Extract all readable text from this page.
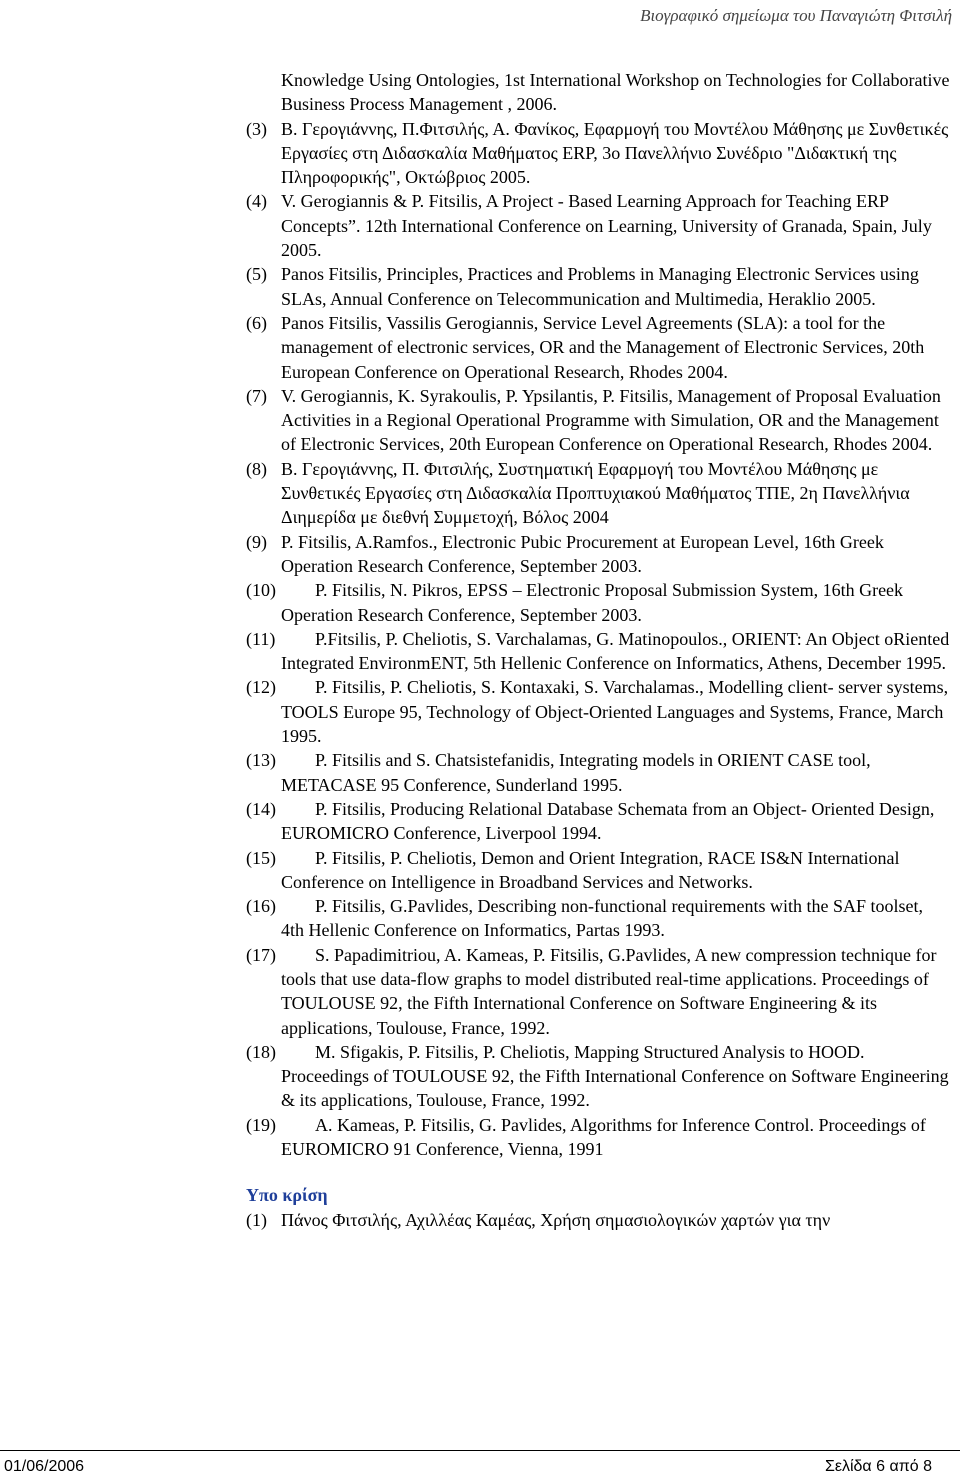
Βιογραφικό σημείωμα του Παναγιώτη Φιτσιλή
Knowledge Using Ontologies, 1st International Workshop on Technologies for Collaborative Business Process Management , 2006.
(3) Β. Γερογιάννης, Π.Φιτσιλής, Α. Φανίκος, Εφαρμογή του Μοντέλου Μάθησης με Συνθετικές Εργασίες στη Διδασκαλία Μαθήματος ERP, 3ο Πανελλήνιο Συνέδριο "Διδακτική της Πληροφορικής", Οκτώβριος 2005.
(4) V. Gerogiannis & P. Fitsilis, A Project - Based Learning Approach for Teaching ERP Concepts”. 12th International Conference on Learning, University of Granada, Spain, July 2005.
(5) Panos Fitsilis, Principles, Practices and Problems in Managing Electronic Services using SLAs, Annual Conference on Telecommunication and Multimedia, Heraklio 2005.
(6) Panos Fitsilis, Vassilis Gerogiannis, Service Level Agreements (SLA): a tool for the management of electronic services, OR and the Management of Electronic Services, 20th European Conference on Operational Research, Rhodes 2004.
(7) V. Gerogiannis, K. Syrakoulis, P. Ypsilantis, P. Fitsilis, Management of Proposal Evaluation Activities in a Regional Operational Programme with Simulation, OR and the Management of Electronic Services, 20th European Conference on Operational Research, Rhodes 2004.
(8) Β. Γερογιάννης, Π. Φιτσιλής, Συστηματική Εφαρμογή του Μοντέλου Μάθησης με Συνθετικές Εργασίες στη Διδασκαλία Προπτυχιακού Μαθήματος ΤΠΕ, 2η Πανελλήνια Διημερίδα με διεθνή Συμμετοχή, Βόλος 2004
(9) P. Fitsilis, A.Ramfos., Electronic Pubic Procurement at European Level, 16th Greek Operation Research Conference, September 2003.
(10) P. Fitsilis, N. Pikros, EPSS – Electronic Proposal Submission System, 16th Greek Operation Research Conference, September 2003.
(11) P.Fitsilis, P. Cheliotis, S. Varchalamas, G. Matinopoulos., ORIENT: An Object oRiented Integrated EnvironmENT, 5th Hellenic Conference on Informatics, Athens, December 1995.
(12) P. Fitsilis, P. Cheliotis, S. Kontaxaki, S. Varchalamas., Modelling client- server systems, TOOLS Europe 95, Technology of Object-Oriented Languages and Systems, France, March 1995.
(13) P. Fitsilis and S. Chatsistefanidis, Integrating models in ORIENT CASE tool, METACASE 95 Conference, Sunderland 1995.
(14) P. Fitsilis, Producing Relational Database Schemata from an Object- Oriented Design, EUROMICRO Conference, Liverpool 1994.
(15) P. Fitsilis, P. Cheliotis, Demon and Orient Integration, RACE IS&N International Conference on Intelligence in Broadband Services and Networks.
(16) P. Fitsilis, G.Pavlides, Describing non-functional requirements with the SAF toolset, 4th Hellenic Conference on Informatics, Partas 1993.
(17) S. Papadimitriou, A. Kameas, P. Fitsilis, G.Pavlides, A new compression technique for tools that use data-flow graphs to model distributed real-time applications. Proceedings of TOULOUSE 92, the Fifth International Conference on Software Engineering & its applications, Toulouse, France, 1992.
(18) M. Sfigakis, P. Fitsilis, P. Cheliotis, Mapping Structured Analysis to HOOD. Proceedings of TOULOUSE 92, the Fifth International Conference on Software Engineering & its applications, Toulouse, France, 1992.
(19) A. Kameas, P. Fitsilis, G. Pavlides, Algorithms for Inference Control. Proceedings of EUROMICRO 91 Conference, Vienna, 1991
Υπο κρίση
(1) Πάνος Φιτσιλής, Αχιλλέας Καμέας, Χρήση σημασιολογικών χαρτών για την
01/06/2006	Σελίδα 6 από 8
